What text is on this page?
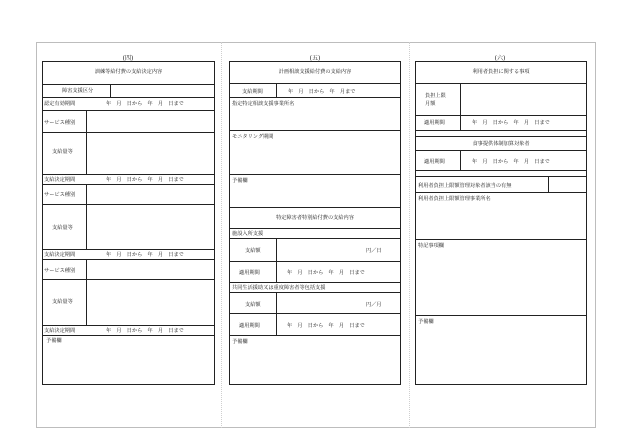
(四)	(五)	(六)
訓練等給付費の支給決定内容
障害支援区分
認定有効期間	年　月　日から　年　月　日まで
サービス種別
支給量等
支給決定期間	年　月　日から　年　月　日まで
サービス種別
支給量等
支給決定期間	年　月　日から　年　月　日まで
サービス種別
支給量等
支給決定期間	年　月　日から　年　月　日まで
予備欄
計画相談支援給付費の支給内容
支給期間	年　月　日から　年　月まで
指定特定相談支援事業所名
モニタリング期間
予備欄
特定障害者特別給付費の支給内容
施設入所支援
支給額	円／日
適用期間	年　月　日から　年　月　日まで
共同生活援助又は重度障害者等包括支援
支給額	円／月
適用期間	年　月　日から　年　月　日まで
予備欄
利用者負担に関する事項
負担上限月額
適用期間	年　月　日から　年　月　日まで
食事提供体制加算対象者
適用期間	年　月　日から　年　月　日まで
利用者負担上限額管理対象者該当の有無
利用者負担上限額管理事業所名
特記事項欄
予備欄
